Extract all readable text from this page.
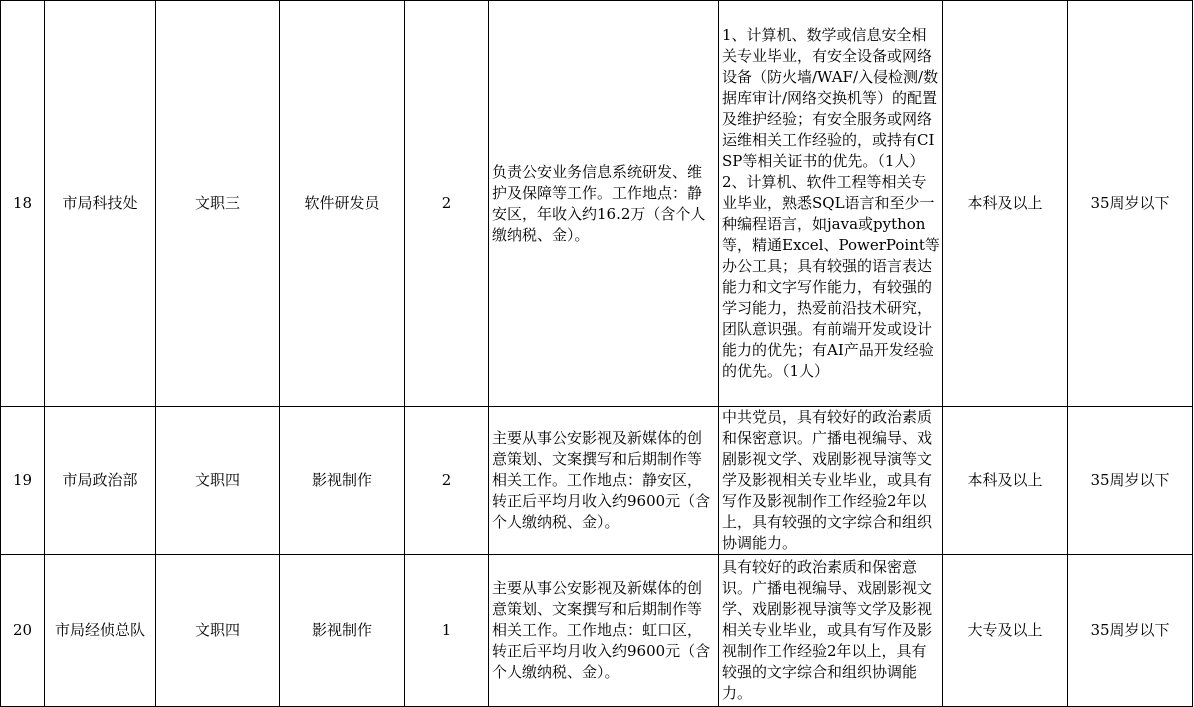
18	市局科技处	文职三	软件研发员	2	负责公安业务信息系统研发、维护及保障等工作。工作地点：静安区，年收入约16.2万（含个人缴纳税、金）。	1、计算机、数学或信息安全相关专业毕业，有安全设备或网络设备（防火墙/WAF/入侵检测/数据库审计/网络交换机等）的配置及维护经验；有安全服务或网络运维相关工作经验的，或持有CISP等相关证书的优先。（1人）
2、计算机、软件工程等相关专业毕业，熟悉SQL语言和至少一种编程语言，如java或python等，精通Excel、PowerPoint等办公工具；具有较强的语言表达能力和文字写作能力，有较强的学习能力，热爱前沿技术研究，团队意识强。有前端开发或设计能力的优先；有AI产品开发经验的优先。（1人）	本科及以上	35周岁以下
19	市局政治部	文职四	影视制作	2	主要从事公安影视及新媒体的创意策划、文案撰写和后期制作等相关工作。工作地点：静安区，转正后平均月收入约9600元（含个人缴纳税、金）。	中共党员，具有较好的政治素质和保密意识。广播电视编导、戏剧影视文学、戏剧影视导演等文学及影视相关专业毕业，或具有写作及影视制作工作经验2年以上，具有较强的文字综合和组织协调能力。	本科及以上	35周岁以下
20	市局经侦总队	文职四	影视制作	1	主要从事公安影视及新媒体的创意策划、文案撰写和后期制作等相关工作。工作地点：虹口区，转正后平均月收入约9600元（含个人缴纳税、金）。	具有较好的政治素质和保密意识。广播电视编导、戏剧影视文学、戏剧影视导演等文学及影视相关专业毕业，或具有写作及影视制作工作经验2年以上，具有较强的文字综合和组织协调能力。	大专及以上	35周岁以下
